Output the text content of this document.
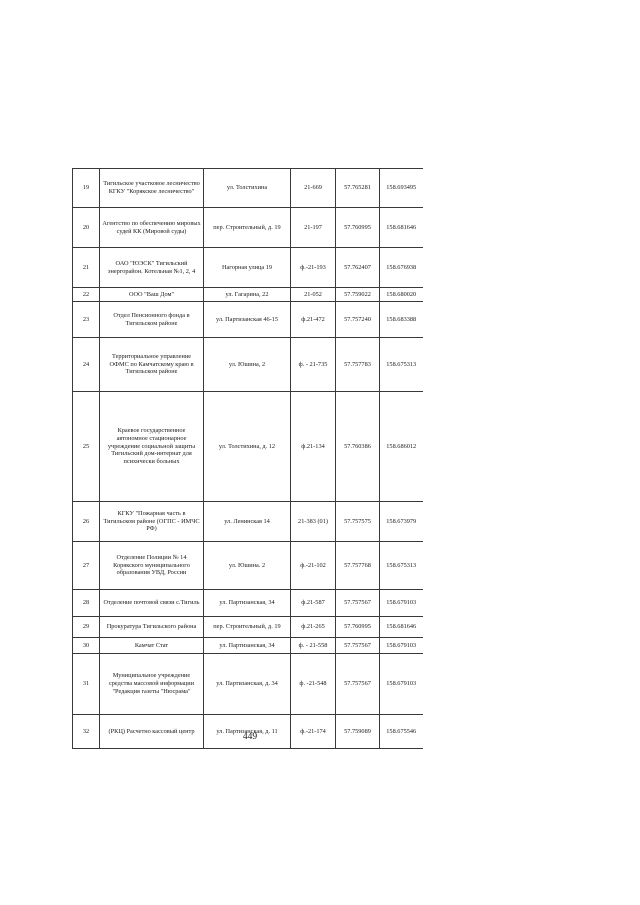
19	Тигильское участковое лесничество КГКУ "Корякское лесничество"	ул. Толстихина	21-669	57.765281	158.693495
20	Агентство по обеспечению мировых судей КК (Мировой суды)	пер. Строительный, д. 19	21-197	57.760995	158.681646
21	ОАО "ЮЭСК" Тигильский энергорайон. Котельная №1, 2, 4	Нагорная улица 19	ф.-21-193	57.762407	158.676938
22	ООО "Ваш Дом"	ул. Гагарина, 22	21-052	57.759022	158.680020
23	Отдел Пенсионного фонда в Тигильском районе	ул. Партизанская 46-15	ф.21-472	57.757240	158.683388
24	Территориальное управление ОФМС по Камчатскому краю в Тигильском районе	ул. Юшина, 2	ф. - 21-735	57.757783	158.675313
25	Краевое государственное автономное стационарное учреждение социальной защиты Тигильский дом-интернат для психически больных	ул. Толстихина, д. 12	ф.21-134	57.760386	158.686012
26	КГКУ "Пожарная часть в Тигильском районе (ОГПС - ИМЧС РФ)	ул. Ленинская 14	21-383 (01)	57.757575	158.673979
27	Отделение Полиции № 14 Корякского муниципального образования УВД, России	ул. Юшина. 2	ф.-21-102	57.757768	158.675313
28	Отделение почтовой связи с.Тигиль	ул. Партизанская, 34	ф.21-587	57.757567	158.679103
29	Прокуратура Тигильского района	пер. Строительный, д. 19	ф.21-265	57.760995	158.681646
30	Камчат Стат	ул. Партизанская, 34	ф. - 21-558	57.757567	158.679103
31	Муниципальное учреждение средства массовой информации "Редакция газеты "Нюсрама"	ул. Партизанская, д. 34	ф. -21-548	57.757567	158.679103
32	(РКЦ) Расчетно кассовый центр	ул. Партизанская, д. 11	ф.-21-174	57.759089	158.675546
449
